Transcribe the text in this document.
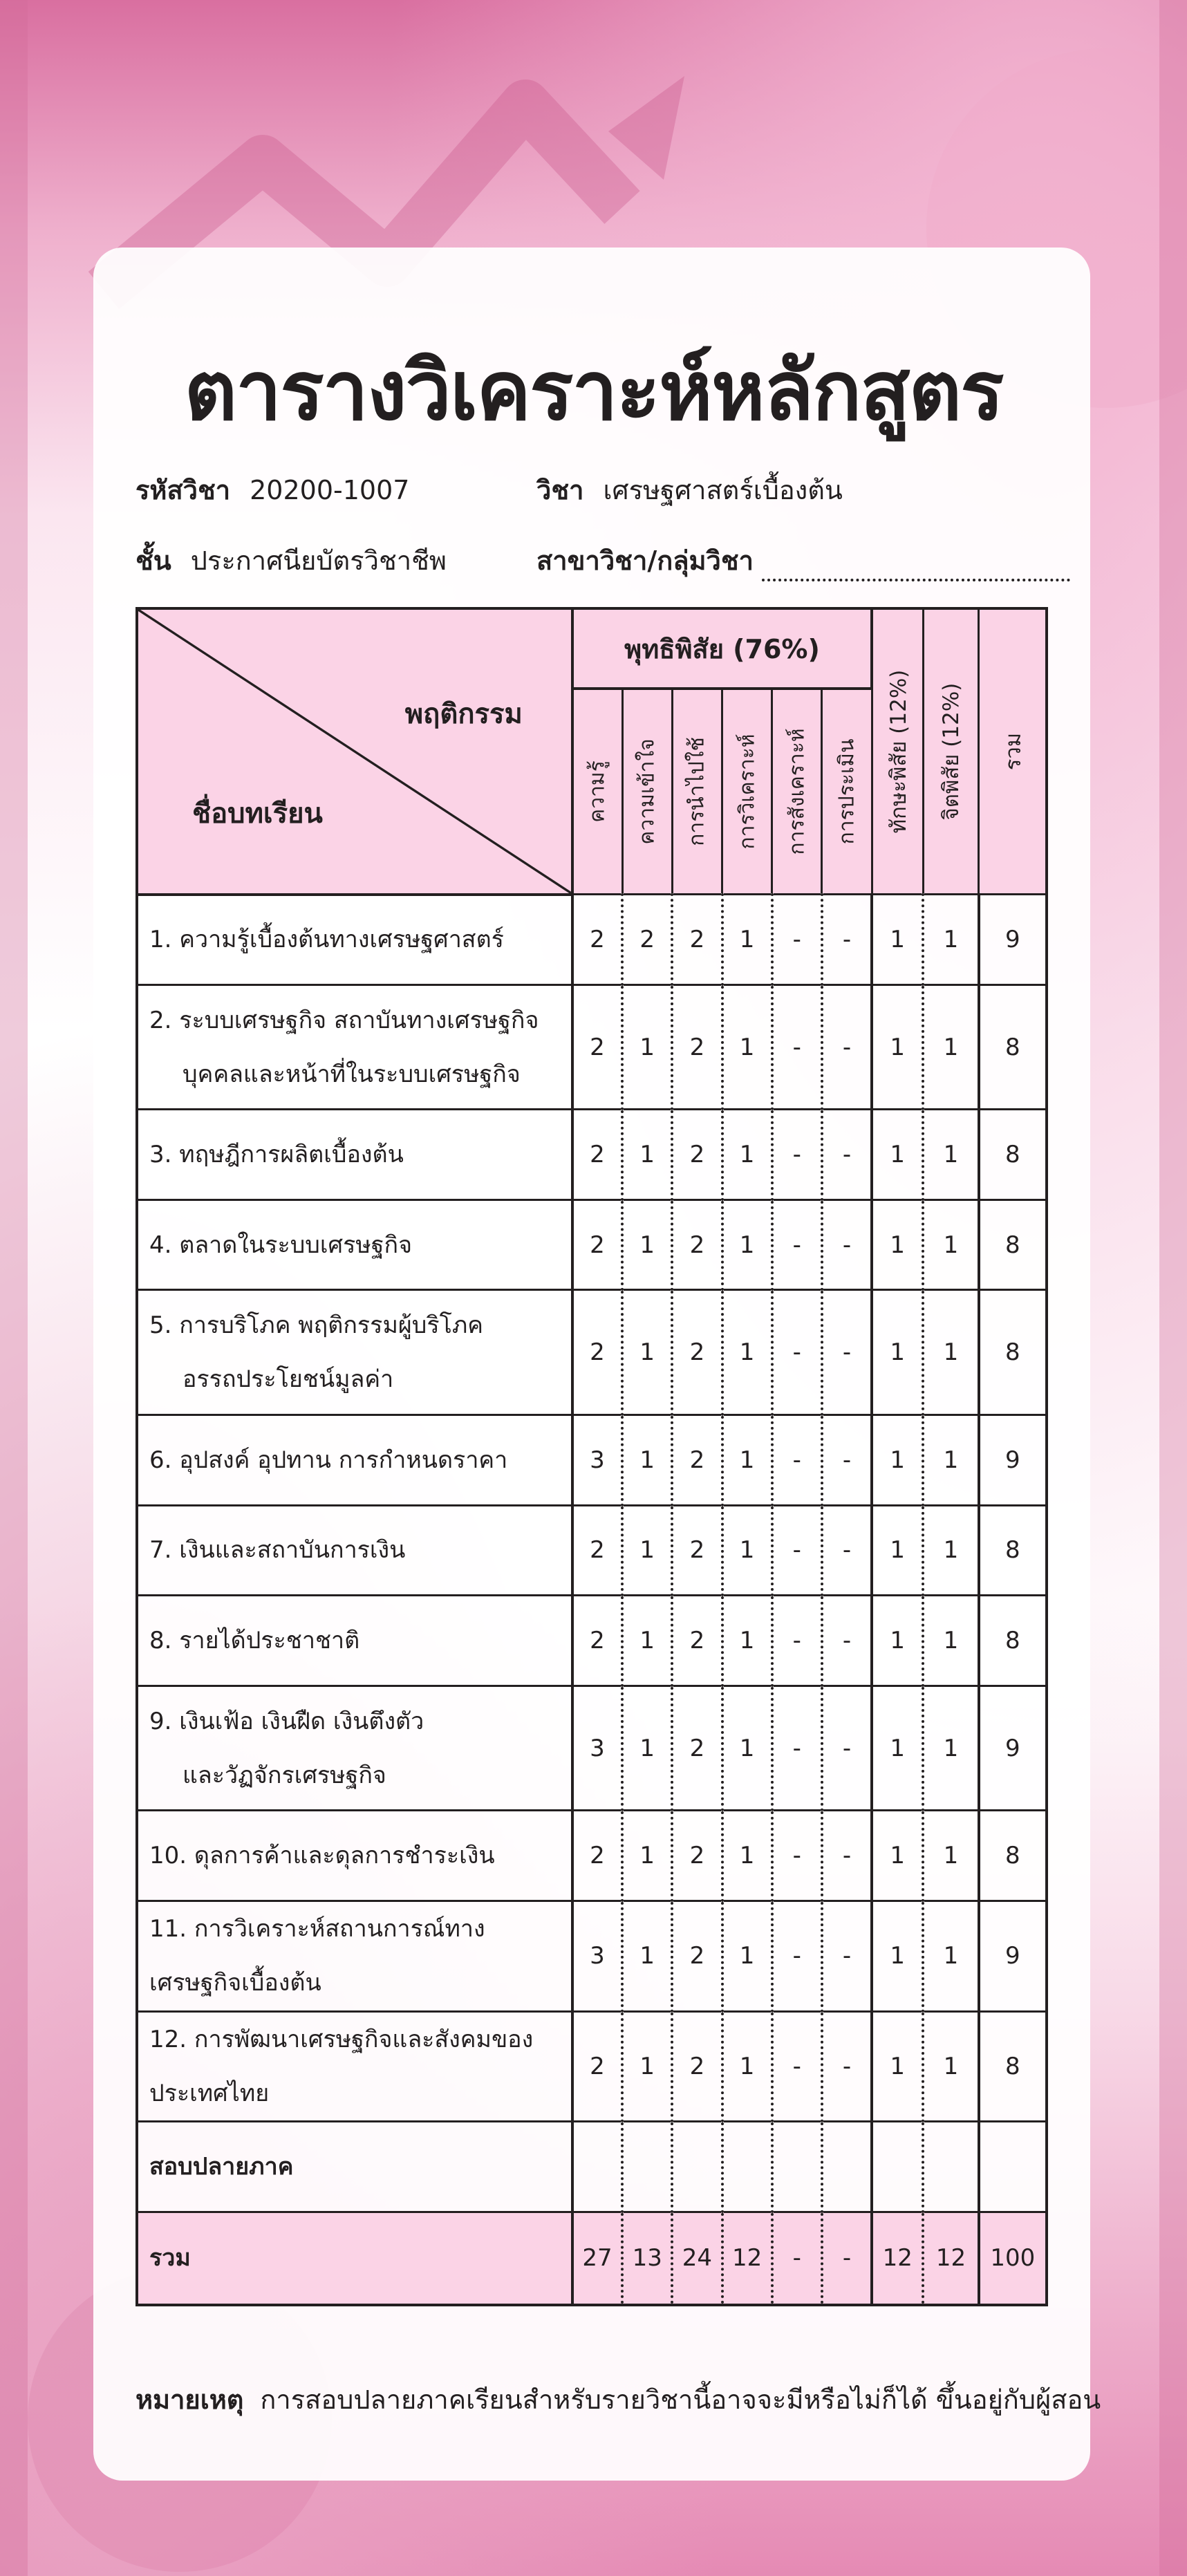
ตารางวิเคราะห์หลักสูตร
รหัสวิชา 20200-1007	วิชา เศรษฐศาสตร์เบื้องต้น
ชั้น ประกาศนียบัตรวิชาชีพ	สาขาวิชา/กลุ่มวิชา
พฤติกรรม
ชื่อบทเรียน	พุทธิพิสัย (76%)						ทักษะพิสัย (12%)	จิตพิสัย (12%)	รวม

	ความรู้	ความเข้าใจ	การนำไปใช้	การวิเคราะห์	การสังเคราะห์	การประเมิน			

1. ความรู้เบื้องต้นทางเศรษฐศาสตร์	2	2	2	1	-	-	1	1	9

2. ระบบเศรษฐกิจ สถาบันทางเศรษฐกิจ
บุคคลและหน้าที่ในระบบเศรษฐกิจ	2	1	2	1	-	-	1	1	8

3. ทฤษฎีการผลิตเบื้องต้น	2	1	2	1	-	-	1	1	8

4. ตลาดในระบบเศรษฐกิจ	2	1	2	1	-	-	1	1	8

5. การบริโภค พฤติกรรมผู้บริโภค
อรรถประโยชน์มูลค่า	2	1	2	1	-	-	1	1	8

6. อุปสงค์ อุปทาน การกำหนดราคา	3	1	2	1	-	-	1	1	9

7. เงินและสถาบันการเงิน	2	1	2	1	-	-	1	1	8

8. รายได้ประชาชาติ	2	1	2	1	-	-	1	1	8

9. เงินเฟ้อ เงินฝืด เงินตึงตัว
และวัฏจักรเศรษฐกิจ	3	1	2	1	-	-	1	1	9

10. ดุลการค้าและดุลการชำระเงิน	2	1	2	1	-	-	1	1	8

11. การวิเคราะห์สถานการณ์ทางเศรษฐกิจเบื้องต้น	3	1	2	1	-	-	1	1	9

12. การพัฒนาเศรษฐกิจและสังคมของประเทศไทย	2	1	2	1	-	-	1	1	8
สอบปลายภาค									
รวม	27	13	24	12	-	-	12	12	100
หมายเหตุ การสอบปลายภาคเรียนสำหรับรายวิชานี้อาจจะมีหรือไม่ก็ได้ ขึ้นอยู่กับผู้สอน
